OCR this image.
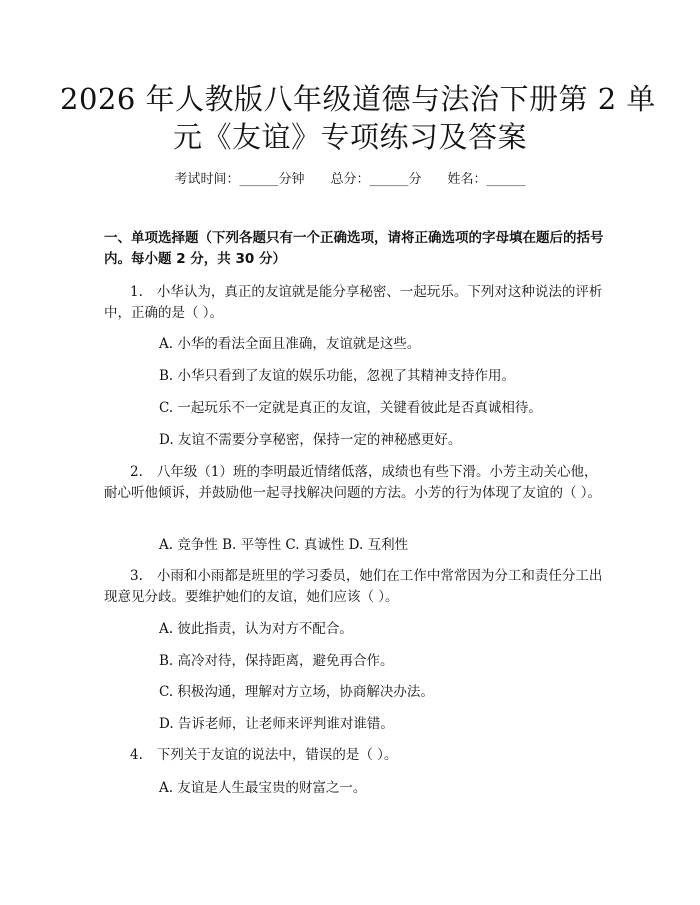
2026 年人教版八年级道德与法治下册第 2 单
元《友谊》专项练习及答案
考试时间：______分钟　　总分：______分　　姓名：______
一、单项选择题（下列各题只有一个正确选项，请将正确选项的字母填在题后的括号内。每小题 2 分，共 30 分）
1. 小华认为，真正的友谊就是能分享秘密、一起玩乐。下列对这种说法的评析中，正确的是（ ）。
A. 小华的看法全面且准确，友谊就是这些。
B. 小华只看到了友谊的娱乐功能，忽视了其精神支持作用。
C. 一起玩乐不一定就是真正的友谊，关键看彼此是否真诚相待。
D. 友谊不需要分享秘密，保持一定的神秘感更好。
2. 八年级（1）班的李明最近情绪低落，成绩也有些下滑。小芳主动关心他，耐心听他倾诉，并鼓励他一起寻找解决问题的方法。小芳的行为体现了友谊的（ ）。
A. 竞争性 B. 平等性 C. 真诚性 D. 互利性
3. 小雨和小雨都是班里的学习委员，她们在工作中常常因为分工和责任分工出现意见分歧。要维护她们的友谊，她们应该（ ）。
A. 彼此指责，认为对方不配合。
B. 高冷对待，保持距离，避免再合作。
C. 积极沟通，理解对方立场，协商解决办法。
D. 告诉老师，让老师来评判谁对谁错。
4. 下列关于友谊的说法中，错误的是（ ）。
A. 友谊是人生最宝贵的财富之一。
